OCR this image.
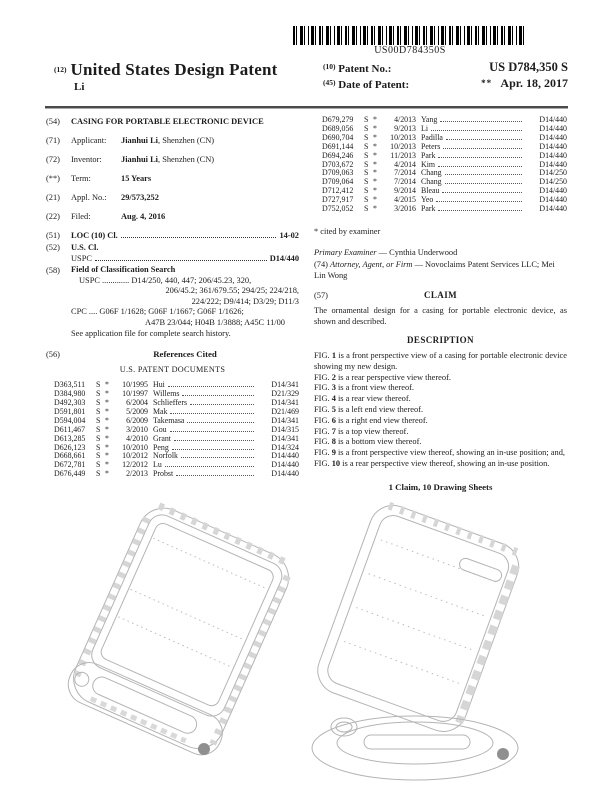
US00D784350S
(12) United States Design Patent
Li
$^{(10)}$ Patent No.:	US D784,350 S
$^{(45)}$ Date of Patent:	** Apr. 18, 2017
(54)	CASING FOR PORTABLE ELECTRONIC DEVICE
(71)	Applicant: Jianhui Li, Shenzhen (CN)
(72)	Inventor: Jianhui Li, Shenzhen (CN)
(**)	Term:	15 Years
(21)	Appl. No.: 29/573,252
(22)	Filed:	Aug. 4, 2016
(51)	LOC (10) Cl.	14-02
(52)	U.S. Cl.
USPC	D14/440
(58)	Field of Classification Search
USPC ............. D14/250, 440, 447; 206/45.23, 320,
206/45.2; 361/679.55; 294/25; 224/218,
224/222; D9/414; D3/29; D11/3
CPC .... G06F 1/1628; G06F 1/1667; G06F 1/1626;
A47B 23/044; H04B 1/3888; A45C 11/00
See application file for complete search history.
(56)	References Cited
U.S. PATENT DOCUMENTS
D363,511	S *	10/1995 Hui	D14/341
D384,980	S *	10/1997 Willems	D21/329
D492,303	S *	6/2004 Schlieffers	D14/341
D591,801	S *	5/2009 Mak	D21/469
D594,004	S *	6/2009 Takemasa	D14/341
D611,467	S *	3/2010 Gou	D14/315
D613,285	S *	4/2010 Grant	D14/341
D626,123	S *	10/2010 Peng	D14/324
D668,661	S *	10/2012 Norfolk	D14/440
D672,781	S *	12/2012 Lu	D14/440
D676,449	S *	2/2013 Probst	D14/440
D679,279	S *	4/2013 Yang	D14/440
D689,056	S *	9/2013 Li	D14/440
D690,704	S *	10/2013 Padilla	D14/440
D691,144	S *	10/2013 Peters	D14/440
D694,246	S *	11/2013 Park	D14/440
D703,672	S *	4/2014 Kim	D14/440
D709,063	S *	7/2014 Chang	D14/250
D709,064	S *	7/2014 Chang	D14/250
D712,412	S *	9/2014 Bleau	D14/440
D727,917	S *	4/2015 Yeo	D14/440
D752,052	S *	3/2016 Park	D14/440
* cited by examiner

Primary Examiner — Cynthia Underwood

(74) Attorney, Agent, or Firm — Novoclaims Patent Services LLC; Mei Lin Wong

(57)	CLAIM

The ornamental design for a casing for portable electronic device, as shown and described.

DESCRIPTION
FIG. 1 is a front perspective view of a casing for portable electronic device showing my new design.
FIG. 2 is a rear perspective view thereof.
FIG. 3 is a front view thereof.
FIG. 4 is a rear view thereof.
FIG. 5 is a left end view thereof.
FIG. 6 is a right end view thereof.
FIG. 7 is a top view thereof.
FIG. 8 is a bottom view thereof.
FIG. 9 is a front perspective view thereof, showing an in-use position; and,
FIG. 10 is a rear perspective view thereof, showing an in-use position.
1 Claim, 10 Drawing Sheets
